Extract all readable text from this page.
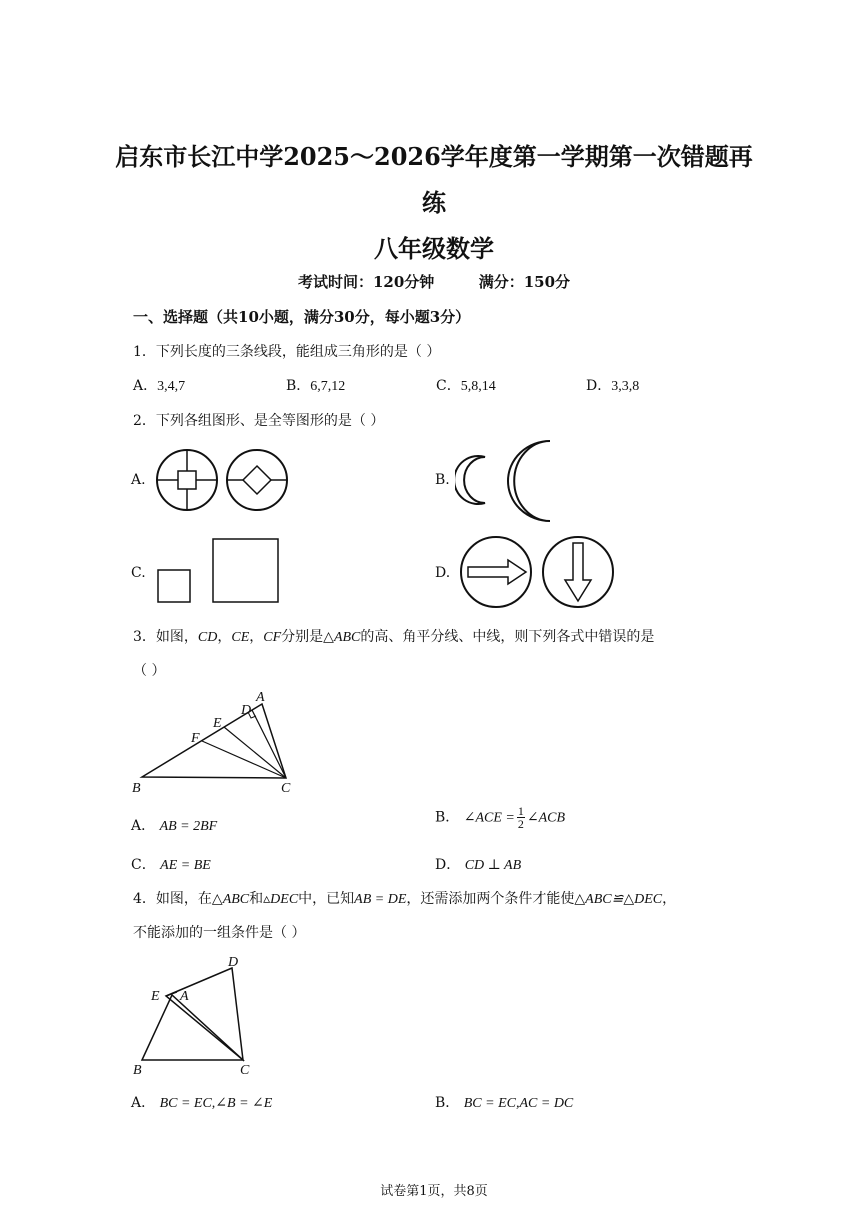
启东市长江中学2025～2026学年度第一学期第一次错题再
练
八年级数学
考试时间：120分钟	满分：150分
一、选择题（共10小题，满分30分，每小题3分）
1．下列长度的三条线段，能组成三角形的是（ ）
A．3,4,7	B．6,7,12	C．5,8,14	D．3,3,8
2．下列各组图形、是全等图形的是（ ）
A.	B.
C.	D.
3．如图，CD，CE，CF分别是△ABC的高、角平分线、中线，则下列各式中错误的是
（ ）
A
D
E
F
B	C
A． AB = 2BF
B． ∠ACE = $\frac{1}{2}$ ∠ACB
C． AE = BE	D． CD ⊥ AB
4．如图，在△ABC和▵DEC中，已知AB = DE，还需添加两个条件才能使△ABC≌△DEC，
不能添加的一组条件是（ ）
D
E A
B	C
A． BC = EC,∠B = ∠E	B． BC = EC,AC = DC
试卷第1页，共8页
